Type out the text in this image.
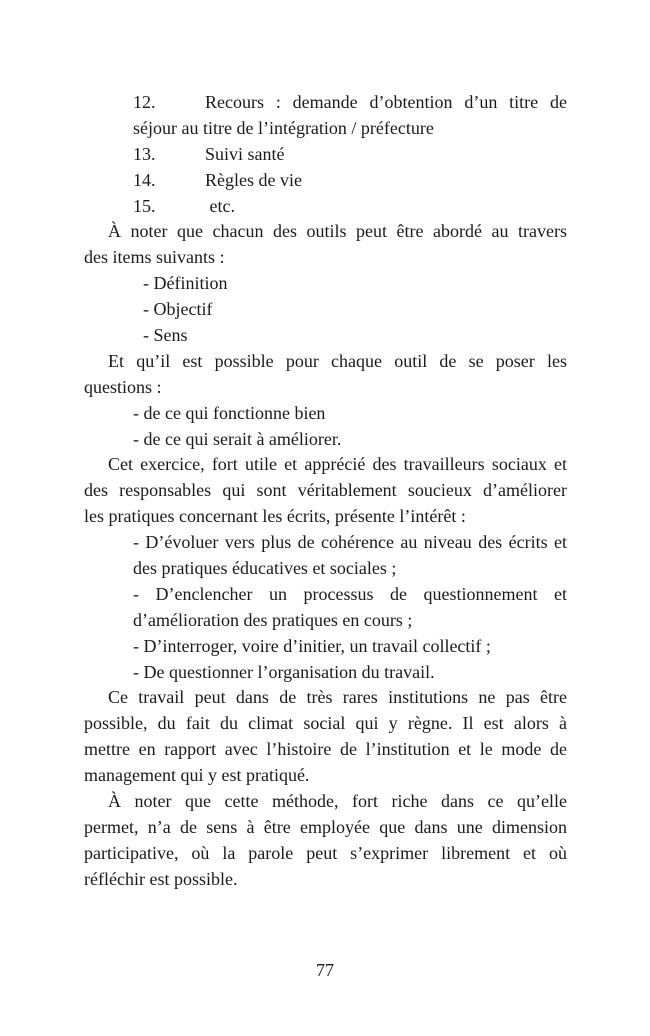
12.	Recours : demande d’obtention d’un titre de
séjour au titre de l’intégration / préfecture
13.	Suivi santé
14.	Règles de vie
15.	etc.
À noter que chacun des outils peut être abordé au travers
des items suivants :
- Définition
- Objectif
- Sens
Et qu’il est possible pour chaque outil de se poser les
questions :
- de ce qui fonctionne bien
- de ce qui serait à améliorer.
Cet exercice, fort utile et apprécié des travailleurs sociaux et
des responsables qui sont véritablement soucieux d’améliorer
les pratiques concernant les écrits, présente l’intérêt :
- D’évoluer vers plus de cohérence au niveau des écrits et
des pratiques éducatives et sociales ;
- D’enclencher un processus de questionnement et
d’amélioration des pratiques en cours ;
- D’interroger, voire d’initier, un travail collectif ;
- De questionner l’organisation du travail.
Ce travail peut dans de très rares institutions ne pas être
possible, du fait du climat social qui y règne. Il est alors à
mettre en rapport avec l’histoire de l’institution et le mode de
management qui y est pratiqué.
À noter que cette méthode, fort riche dans ce qu’elle
permet, n’a de sens à être employée que dans une dimension
participative, où la parole peut s’exprimer librement et où
réfléchir est possible.
77
